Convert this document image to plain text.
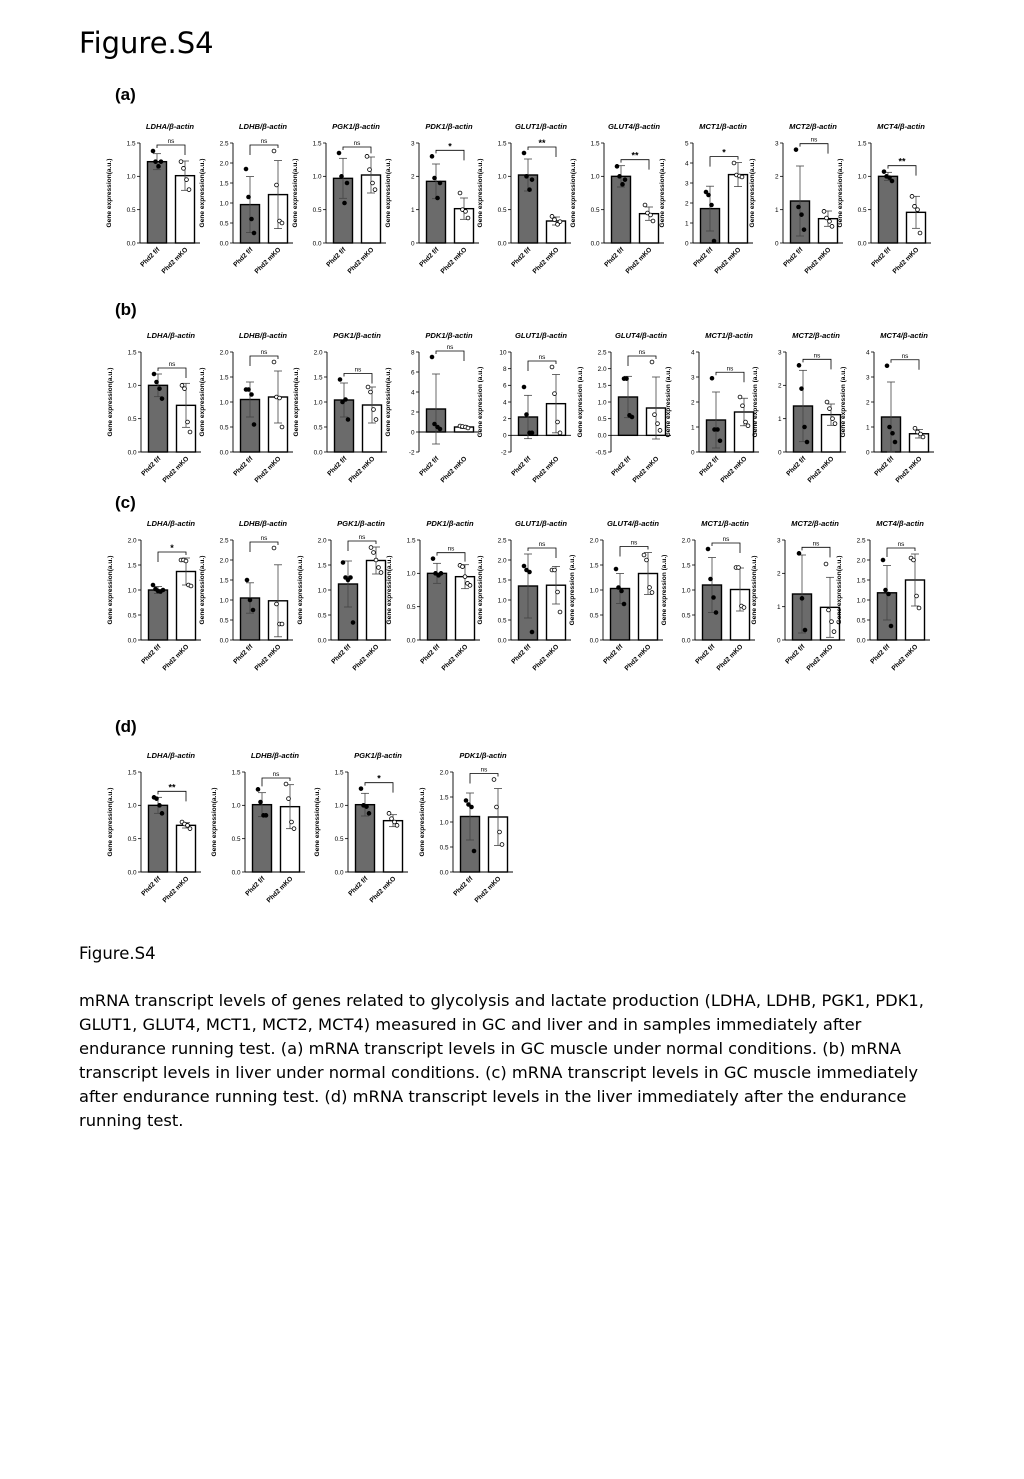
Figure.S4
(a)
(b)
(c)
(d)
LDHA/β-actin
Gene expression(a.u.)
0.0
0.5
1.0
1.5
Phd2 f/f Phd2 mKO
ns
LDHB/β-actin
Gene expression(a.u.)
0.0
0.5
1.0
1.5
2.0
2.5
Phd2 f/f Phd2 mKO
ns
PGK1/β-actin
Gene expression(a.u.)
0.0
0.5
1.0
1.5
Phd2 f/f Phd2 mKO
ns
PDK1/β-actin
Gene expression(a.u.)
0
1
2
3
Phd2 f/f Phd2 mKO
*
GLUT1/β-actin
Gene expression(a.u.)
0.0
0.5
1.0
1.5
Phd2 f/f Phd2 mKO
**
GLUT4/β-actin
Gene expression(a.u.)
0.0
0.5
1.0
1.5
Phd2 f/f Phd2 mKO
**
MCT1/β-actin
Gene expression(a.u.)
0
1
2
3
4
5
Phd2 f/f Phd2 mKO
*
MCT2/β-actin
Gene expression(a.u.)
0
1
2
3
Phd2 f/f Phd2 mKO
ns
MCT4/β-actin
Gene expression(a.u.)
0.0
0.5
1.0
1.5
Phd2 f/f Phd2 mKO
**
LDHA/β-actin
Gene expression(a.u.)
0.0
0.5
1.0
1.5
Phd2 f/f Phd2 mKO
ns
LDHB/β-actin
Gene expression(a.u.)
0.0
0.5
1.0
1.5
2.0
Phd2 f/f Phd2 mKO
ns
PGK1/β-actin
Gene expression(a.u.)
0.0
0.5
1.0
1.5
2.0
Phd2 f/f Phd2 mKO
ns
PDK1/β-actin
Gene expression(a.u.)
-2
0
2
4
6
8
Phd2 f/f Phd2 mKO
ns
GLUT1/β-actin
Gene expression (a.u.)
-2
0
2
4
6
8
10
Phd2 f/f Phd2 mKO
ns
GLUT4/β-actin
Gene expression (a.u.)
-0.5
0.0
0.5
1.0
1.5
2.0
2.5
Phd2 f/f Phd2 mKO
ns
MCT1/β-actin
Gene expression (a.u.)
0
1
2
3
4
Phd2 f/f Phd2 mKO
ns
MCT2/β-actin
Gene expression (a.u.)
0
1
2
3
Phd2 f/f Phd2 mKO
ns
MCT4/β-actin
Gene expression (a.u.)
0
1
2
3
4
Phd2 f/f Phd2 mKO
ns
LDHA/β-actin
Gene expression(a.u.)
0.0
0.5
1.0
1.5
2.0
Phd2 f/f Phd2 mKO
*
LDHB/β-actin
Gene expression(a.u.)
0.0
0.5
1.0
1.5
2.0
2.5
Phd2 f/f Phd2 mKO
ns
PGK1/β-actin
Gene expression(a.u.)
0.0
0.5
1.0
1.5
2.0
Phd2 f/f Phd2 mKO
ns
PDK1/β-actin
Gene expression(a.u.)
0.0
0.5
1.0
1.5
Phd2 f/f Phd2 mKO
ns
GLUT1/β-actin
Gene expression(a.u.)
0.0
0.5
1.0
1.5
2.0
2.5
Phd2 f/f Phd2 mKO
ns
GLUT4/β-actin
Gene expression (a.u.)
0.0
0.5
1.0
1.5
2.0
Phd2 f/f Phd2 mKO
ns
MCT1/β-actin
Gene expression (a.u.)
0.0
0.5
1.0
1.5
2.0
Phd2 f/f Phd2 mKO
ns
MCT2/β-actin
Gene expression(a.u.)
0
1
2
3
Phd2 f/f Phd2 mKO
ns
MCT4/β-actin
Gene expression(a.u.)
0.0
0.5
1.0
1.5
2.0
2.5
Phd2 f/f Phd2 mKO
ns
LDHA/β-actin
Gene expression(a.u.)
0.0
0.5
1.0
1.5
Phd2 f/f Phd2 mKO
**
LDHB/β-actin
Gene expression(a.u.)
0.0
0.5
1.0
1.5
Phd2 f/f Phd2 mKO
ns
PGK1/β-actin
Gene expression(a.u.)
0.0
0.5
1.0
1.5
Phd2 f/f Phd2 mKO
*
PDK1/β-actin
Gene expression(a.u.)
0.0
0.5
1.0
1.5
2.0
Phd2 f/f Phd2 mKO
ns
Figure.S4
mRNA transcript levels of genes related to glycolysis and lactate production (LDHA, LDHB, PGK1, PDK1, GLUT1, GLUT4, MCT1, MCT2, MCT4) measured in GC and liver and in samples immediately after endurance running test. (a) mRNA transcript levels in GC muscle under normal conditions. (b) mRNA transcript levels in liver under normal conditions. (c) mRNA transcript levels in GC muscle immediately after endurance running test. (d) mRNA transcript levels in the liver immediately after the endurance running test.
